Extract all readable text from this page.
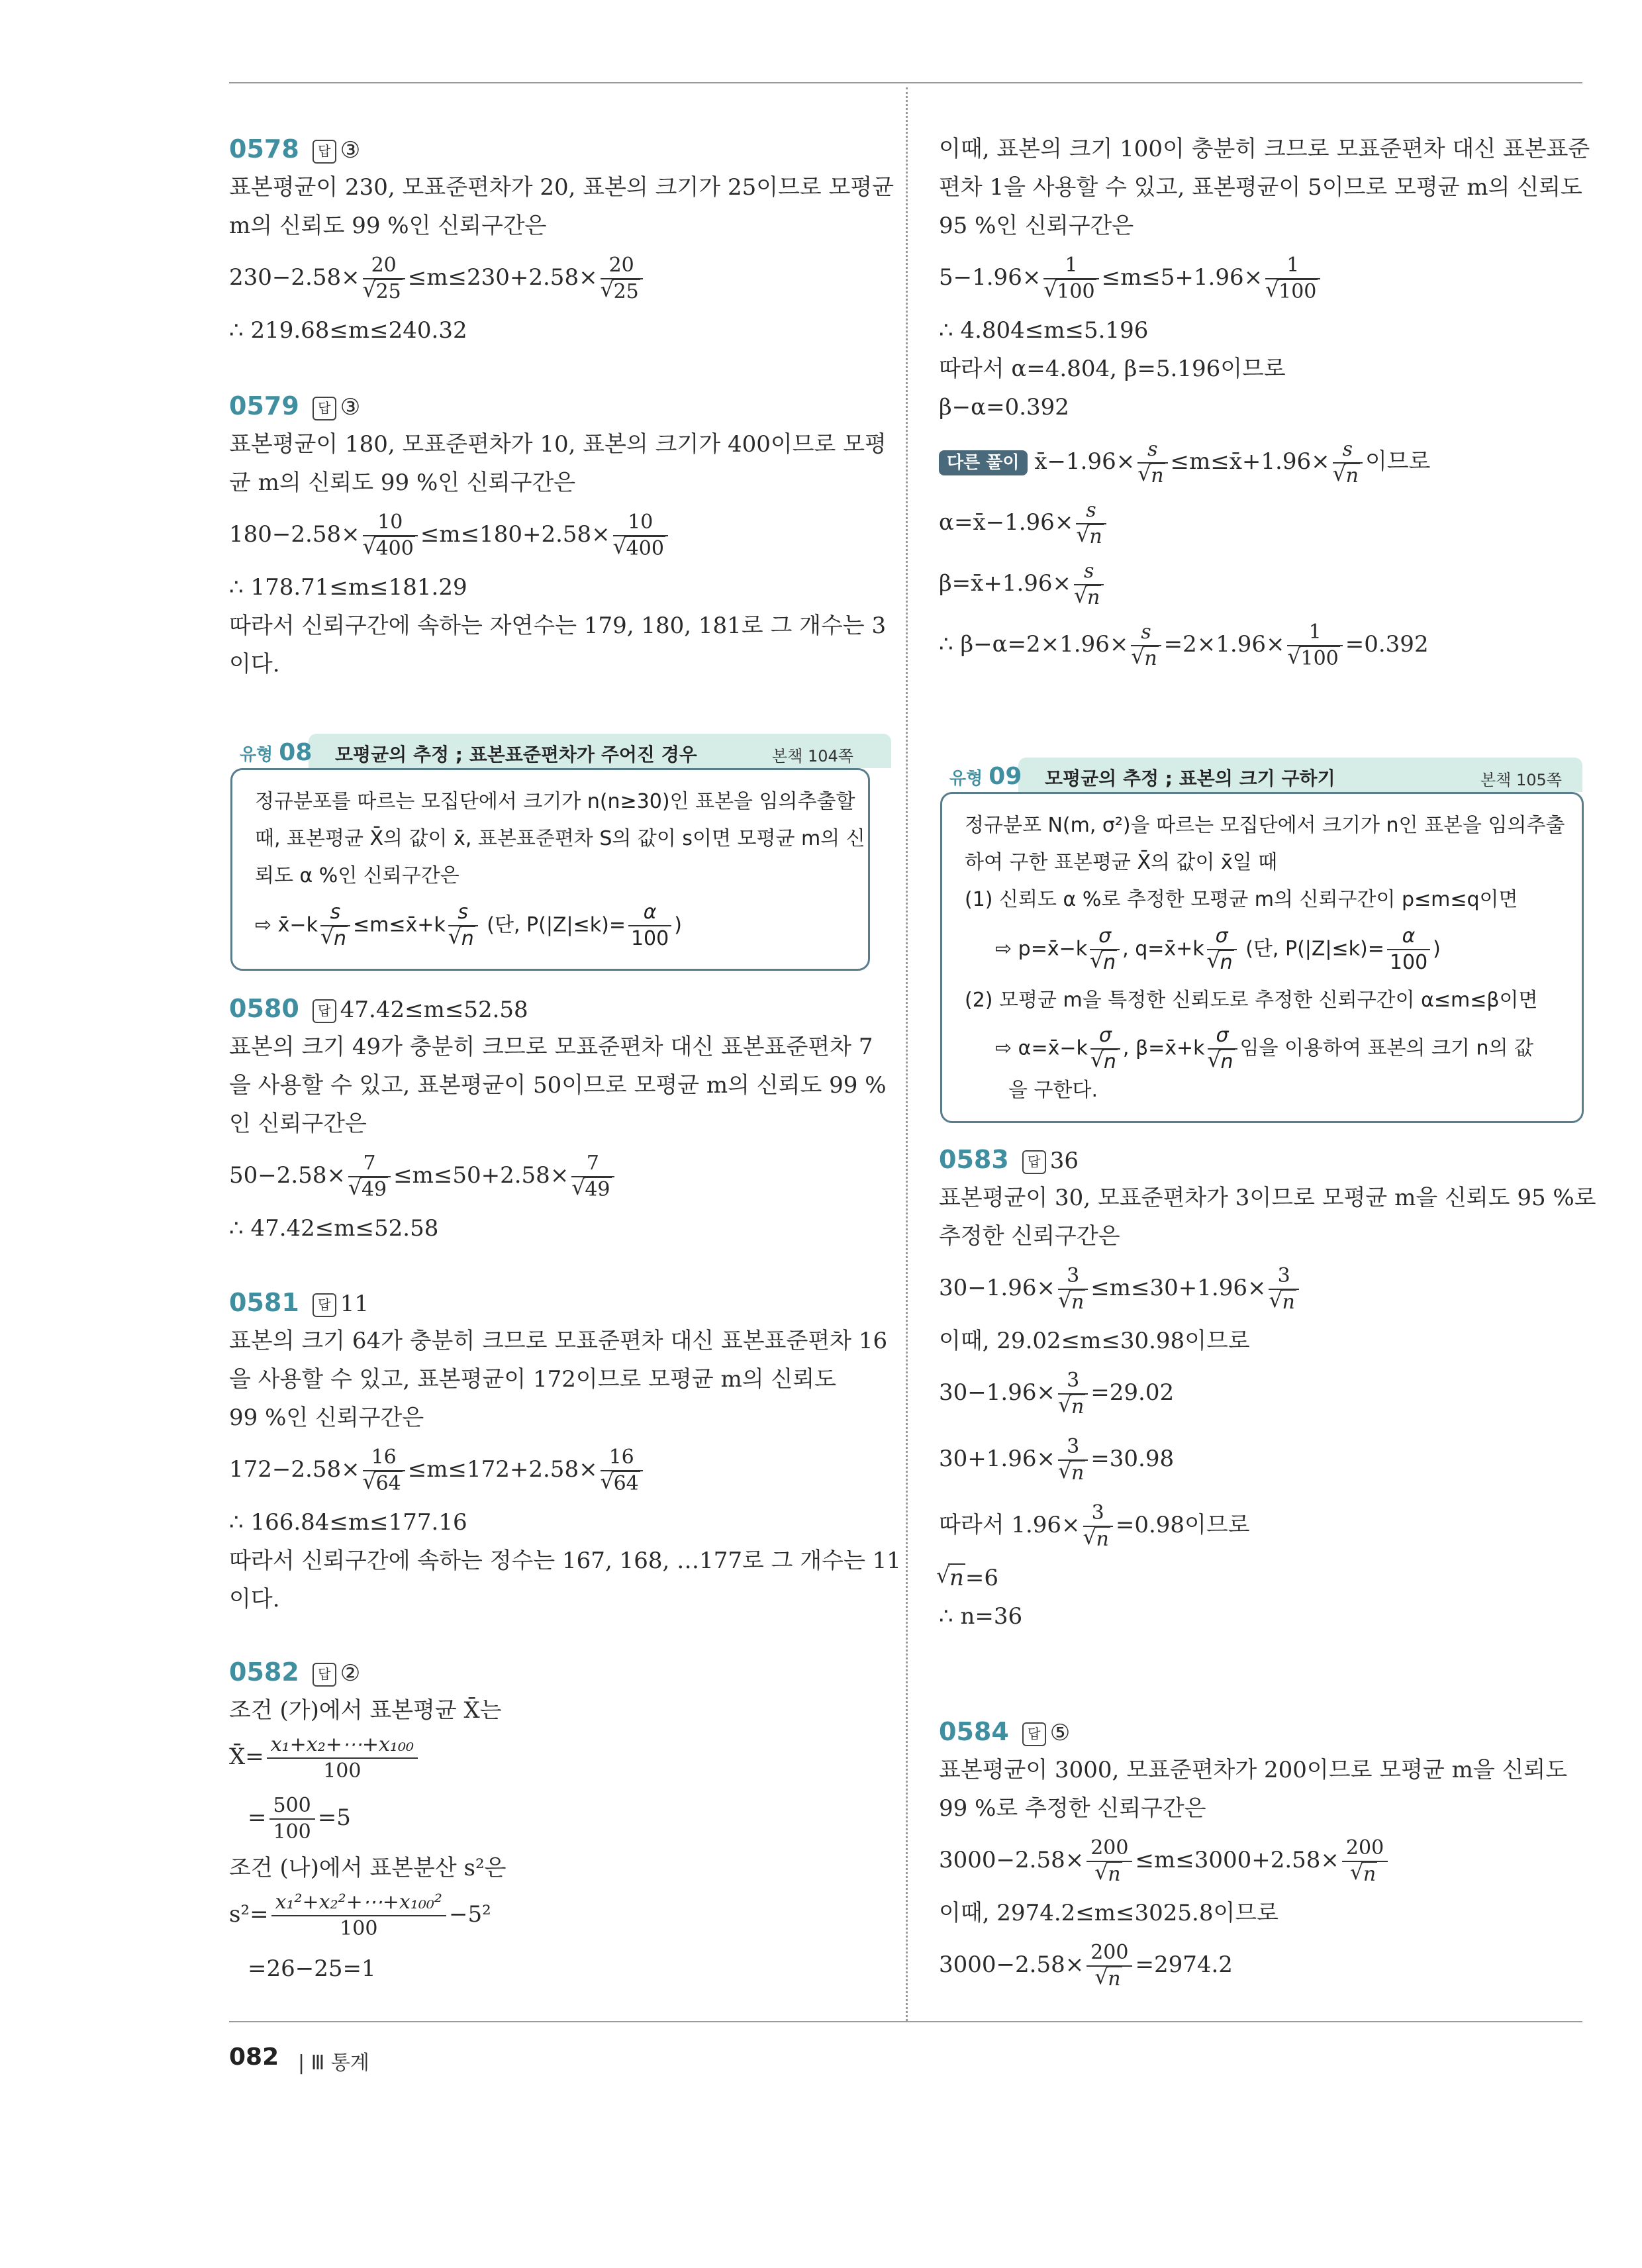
0578 답 ③
표본평균이 230, 모표준편차가 20, 표본의 크기가 25이므로 모평균
m의 신뢰도 99 %인 신뢰구간은
230−2.58× 20
√ 25 ≤m≤230+2.58× 20
√ 25
∴ 219.68≤m≤240.32
0579 답 ③
표본평균이 180, 모표준편차가 10, 표본의 크기가 400이므로 모평
균 m의 신뢰도 99 %인 신뢰구간은
180−2.58× 10
√ 400 ≤m≤180+2.58× 10
√ 400
∴ 178.71≤m≤181.29
따라서 신뢰구간에 속하는 자연수는 179, 180, 181로 그 개수는 3
이다.
유형 08 모평균의 추정 ; 표본표준편차가 주어진 경우	본책 104쪽
정규분포를 따르는 모집단에서 크기가 n(n≥30)인 표본을 임의추출할
때, 표본평균 X̄의 값이 x̄, 표본표준편차 S의 값이 s이면 모평균 m의 신
뢰도 α %인 신뢰구간은
⇨ x̄−k s
√ n ≤m≤x̄+k s
√ n (단, $P(|Z|\le k)= \frac{\alpha}{100}$ )
0580 답 47.42≤m≤52.58
표본의 크기 49가 충분히 크므로 모표준편차 대신 표본표준편차 7
을 사용할 수 있고, 표본평균이 50이므로 모평균 m의 신뢰도 99 %
인 신뢰구간은
50−2.58× 7
√ 49 ≤m≤50+2.58× 7
√ 49
∴ 47.42≤m≤52.58
0581 답 11
표본의 크기 64가 충분히 크므로 모표준편차 대신 표본표준편차 16
을 사용할 수 있고, 표본평균이 172이므로 모평균 m의 신뢰도
99 %인 신뢰구간은
172−2.58× 16
√ 64 ≤m≤172+2.58× 16
√ 64
∴ 166.84≤m≤177.16
따라서 신뢰구간에 속하는 정수는 167, 168, …177로 그 개수는 11
이다.
0582 답 ②
조건 (가)에서 표본평균 X̄는
X̄= $\frac{\text{x₁+x₂+⋯+x₁₀₀}}{100}$
= $\frac{500}{100} =5$
조건 (나)에서 표본분산 s²은
$s^2= \frac{\text{x₁²+x₂²+⋯+x₁₀₀²}}{100} -5^2$
=26−25=1
이때, 표본의 크기 100이 충분히 크므로 모표준편차 대신 표본표준
편차 1을 사용할 수 있고, 표본평균이 5이므로 모평균 m의 신뢰도
95 %인 신뢰구간은
5−1.96× 1
√ 100 ≤m≤5+1.96× 1
√ 100
∴ 4.804≤m≤5.196
따라서 α=4.804, β=5.196이므로
β−α=0.392
다른 풀이 x̄−1.96× s
√ n ≤m≤x̄+1.96× s
√ n 이므로
α=x̄−1.96× s
√ n
β=x̄+1.96× s
√ n
∴ β−α=2×1.96× s
√ n =2×1.96× 1
√ 100 =0.392
유형 09 모평균의 추정 ; 표본의 크기 구하기	본책 105쪽
정규분포 N(m, σ²)을 따르는 모집단에서 크기가 n인 표본을 임의추출
하여 구한 표본평균 X̄의 값이 x̄일 때
(1) 신뢰도 α %로 추정한 모평균 m의 신뢰구간이 p≤m≤q이면
⇨ p=x̄−k σ
√ n , q=x̄+k σ
√ n (단, $P(|Z|\le k)= \frac{\alpha}{100}$ )
(2) 모평균 m을 특정한 신뢰도로 추정한 신뢰구간이 α≤m≤β이면
⇨ α=x̄−k σ
√ n , β=x̄+k σ
√ n 임을 이용하여 표본의 크기 n의 값
을 구한다.
0583 답 36
표본평균이 30, 모표준편차가 3이므로 모평균 m을 신뢰도 95 %로
추정한 신뢰구간은
30−1.96× 3
√ n ≤m≤30+1.96× 3
√ n
이때, 29.02≤m≤30.98이므로
30−1.96× 3
√ n =29.02
30+1.96× 3
√ n =30.98
따라서 1.96× 3
√ n =0.98이므로
√ n=6
∴ n=36
0584 답 ⑤
표본평균이 3000, 모표준편차가 200이므로 모평균 m을 신뢰도
99 %로 추정한 신뢰구간은
3000−2.58× 200
√ n ≤m≤3000+2.58× 200
√ n
이때, 2974.2≤m≤3025.8이므로
3000−2.58× 200
√ n =2974.2
082 | Ⅲ 통계
